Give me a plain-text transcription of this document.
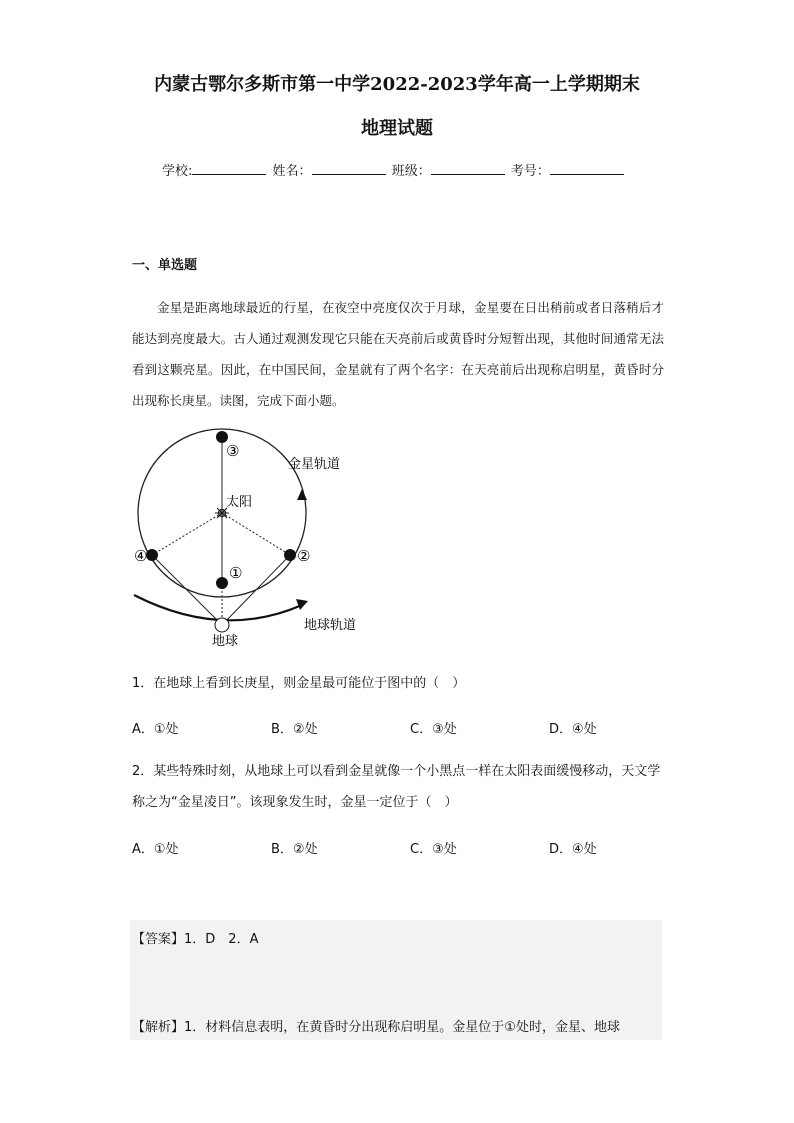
内蒙古鄂尔多斯市第一中学2022-2023学年高一上学期期末
地理试题
学校:	姓名：	班级：	考号：
一、单选题

金星是距离地球最近的行星，在夜空中亮度仅次于月球，金星要在日出稍前或者日落稍后才能达到亮度最大。古人通过观测发现它只能在天亮前后或黄昏时分短暂出现，其他时间通常无法看到这颗亮星。因此，在中国民间，金星就有了两个名字：在天亮前后出现称启明星，黄昏时分出现称长庚星。读图，完成下面小题。

③
①
④	②
太阳
金星轨道
地球轨道
地球

1．在地球上看到长庚星，则金星最可能位于图中的（　）

A．①处	B．②处	C．③处	D．④处

2．某些特殊时刻，从地球上可以看到金星就像一个小黑点一样在太阳表面缓慢移动，天文学称之为“金星凌日”。该现象发生时，金星一定位于（　）

A．①处	B．②处	C．③处	D．④处
【答案】1．D　2．A
【解析】1．材料信息表明，在黄昏时分出现称启明星。金星位于①处时，金星、地球
